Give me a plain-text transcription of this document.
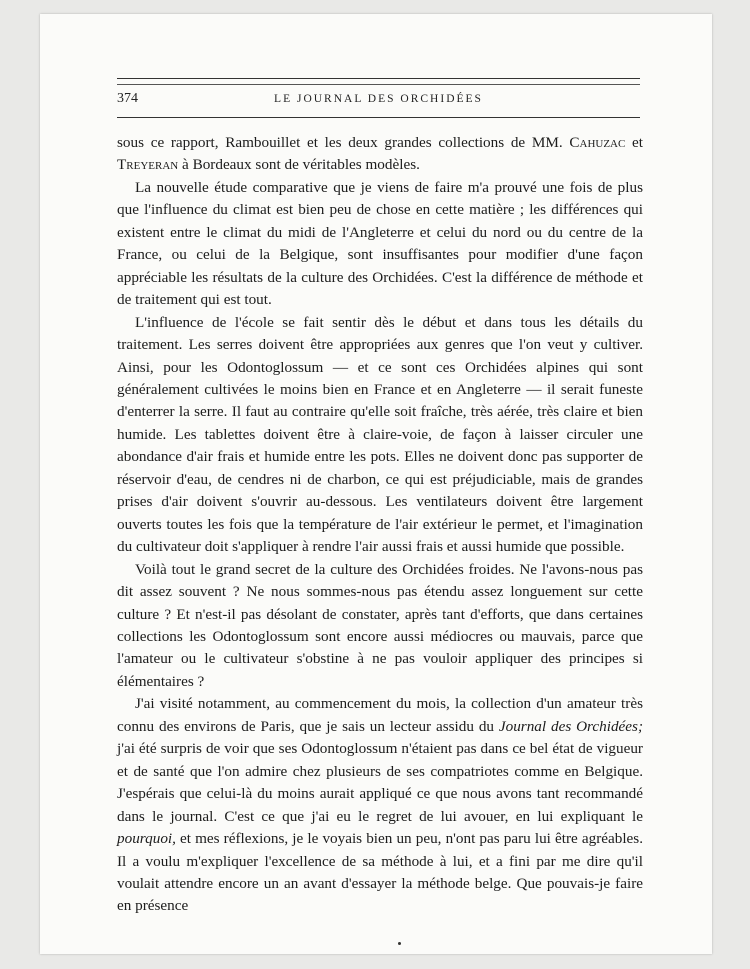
374	LE JOURNAL DES ORCHIDÉES

sous ce rapport, Rambouillet et les deux grandes collections de MM. Cahuzac et Treyeran à Bordeaux sont de véritables modèles.

La nouvelle étude comparative que je viens de faire m'a prouvé une fois de plus que l'influence du climat est bien peu de chose en cette matière ; les différences qui existent entre le climat du midi de l'Angleterre et celui du nord ou du centre de la France, ou celui de la Belgique, sont insuffisantes pour modifier d'une façon appréciable les résultats de la culture des Orchidées. C'est la différence de méthode et de traitement qui est tout.

L'influence de l'école se fait sentir dès le début et dans tous les détails du traitement. Les serres doivent être appropriées aux genres que l'on veut y cultiver. Ainsi, pour les Odontoglossum — et ce sont ces Orchidées alpines qui sont généralement cultivées le moins bien en France et en Angleterre — il serait funeste d'enterrer la serre. Il faut au contraire qu'elle soit fraîche, très aérée, très claire et bien humide. Les tablettes doivent être à claire-voie, de façon à laisser circuler une abondance d'air frais et humide entre les pots. Elles ne doivent donc pas supporter de réservoir d'eau, de cendres ni de charbon, ce qui est préjudiciable, mais de grandes prises d'air doivent s'ouvrir au-dessous. Les ventilateurs doivent être largement ouverts toutes les fois que la température de l'air extérieur le permet, et l'imagination du cultivateur doit s'appliquer à rendre l'air aussi frais et aussi humide que possible.

Voilà tout le grand secret de la culture des Orchidées froides. Ne l'avons-nous pas dit assez souvent ? Ne nous sommes-nous pas étendu assez longuement sur cette culture ? Et n'est-il pas désolant de constater, après tant d'efforts, que dans certaines collections les Odontoglossum sont encore aussi médiocres ou mauvais, parce que l'amateur ou le cultivateur s'obstine à ne pas vouloir appliquer des principes si élémentaires ?

J'ai visité notamment, au commencement du mois, la collection d'un amateur très connu des environs de Paris, que je sais un lecteur assidu du Journal des Orchidées; j'ai été surpris de voir que ses Odontoglossum n'étaient pas dans ce bel état de vigueur et de santé que l'on admire chez plusieurs de ses compatriotes comme en Belgique. J'espérais que celui-là du moins aurait appliqué ce que nous avons tant recommandé dans le journal. C'est ce que j'ai eu le regret de lui avouer, en lui expliquant le pourquoi, et mes réflexions, je le voyais bien un peu, n'ont pas paru lui être agréables. Il a voulu m'expliquer l'excellence de sa méthode à lui, et a fini par me dire qu'il voulait attendre encore un an avant d'essayer la méthode belge. Que pouvais-je faire en présence
